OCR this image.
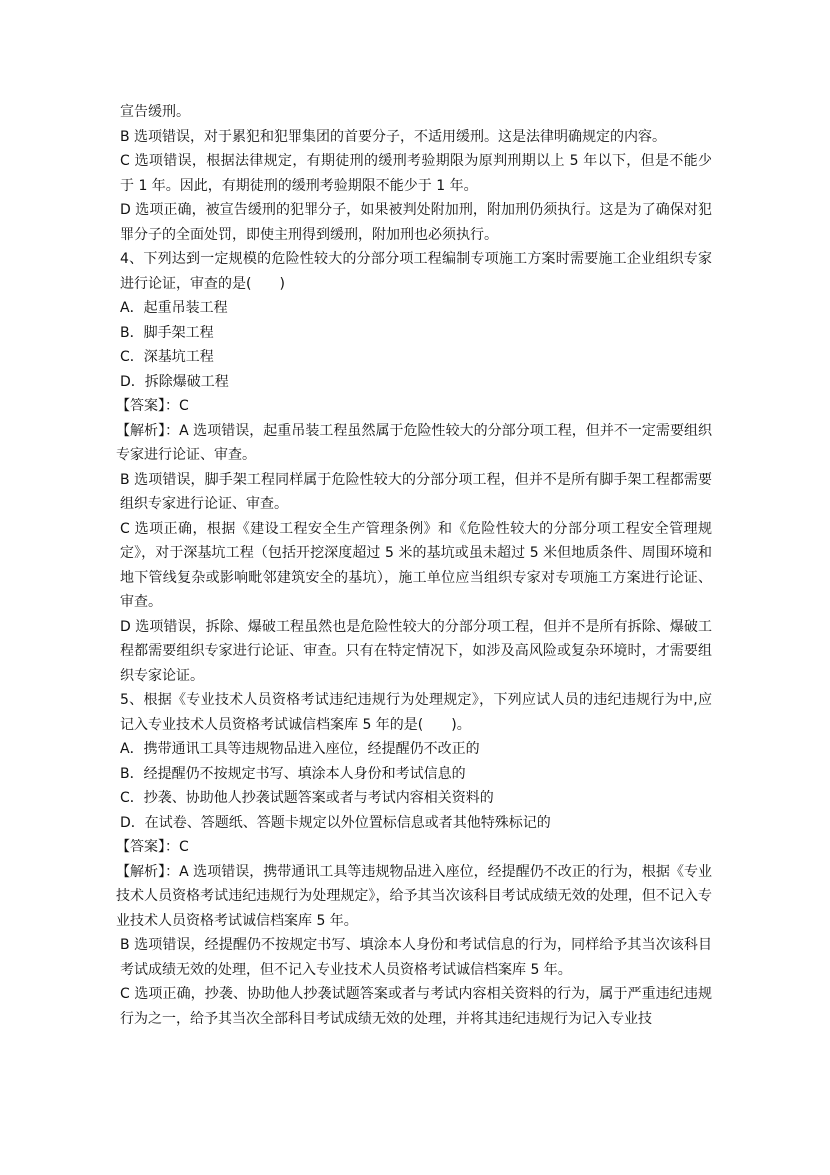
宣告缓刑。

B 选项错误，对于累犯和犯罪集团的首要分子，不适用缓刑。这是法律明确规定的内容。

C 选项错误，根据法律规定，有期徒刑的缓刑考验期限为原判刑期以上 5 年以下，但是不能少于 1 年。因此，有期徒刑的缓刑考验期限不能少于 1 年。

D 选项正确，被宣告缓刑的犯罪分子，如果被判处附加刑，附加刑仍须执行。这是为了确保对犯罪分子的全面处罚，即使主刑得到缓刑，附加刑也必须执行。

4、下列达到一定规模的危险性较大的分部分项工程编制专项施工方案时需要施工企业组织专家进行论证，审查的是(　　)

A．起重吊装工程

B．脚手架工程

C．深基坑工程

D．拆除爆破工程

【答案】：C

【解析】：A 选项错误，起重吊装工程虽然属于危险性较大的分部分项工程，但并不一定需要组织专家进行论证、审查。

B 选项错误，脚手架工程同样属于危险性较大的分部分项工程，但并不是所有脚手架工程都需要组织专家进行论证、审查。

C 选项正确，根据《建设工程安全生产管理条例》和《危险性较大的分部分项工程安全管理规定》，对于深基坑工程（包括开挖深度超过 5 米的基坑或虽未超过 5 米但地质条件、周围环境和地下管线复杂或影响毗邻建筑安全的基坑），施工单位应当组织专家对专项施工方案进行论证、审查。

D 选项错误，拆除、爆破工程虽然也是危险性较大的分部分项工程，但并不是所有拆除、爆破工程都需要组织专家进行论证、审查。只有在特定情况下，如涉及高风险或复杂环境时，才需要组织专家论证。

5、根据《专业技术人员资格考试违纪违规行为处理规定》，下列应试人员的违纪违规行为中,应记入专业技术人员资格考试诚信档案库 5 年的是(　　)。

A．携带通讯工具等违规物品进入座位，经提醒仍不改正的

B．经提醒仍不按规定书写、填涂本人身份和考试信息的

C．抄袭、协助他人抄袭试题答案或者与考试内容相关资料的

D．在试卷、答题纸、答题卡规定以外位置标信息或者其他特殊标记的

【答案】：C

【解析】：A 选项错误，携带通讯工具等违规物品进入座位，经提醒仍不改正的行为，根据《专业技术人员资格考试违纪违规行为处理规定》，给予其当次该科目考试成绩无效的处理，但不记入专业技术人员资格考试诚信档案库 5 年。

B 选项错误，经提醒仍不按规定书写、填涂本人身份和考试信息的行为，同样给予其当次该科目考试成绩无效的处理，但不记入专业技术人员资格考试诚信档案库 5 年。

C 选项正确，抄袭、协助他人抄袭试题答案或者与考试内容相关资料的行为，属于严重违纪违规行为之一，给予其当次全部科目考试成绩无效的处理，并将其违纪违规行为记入专业技
